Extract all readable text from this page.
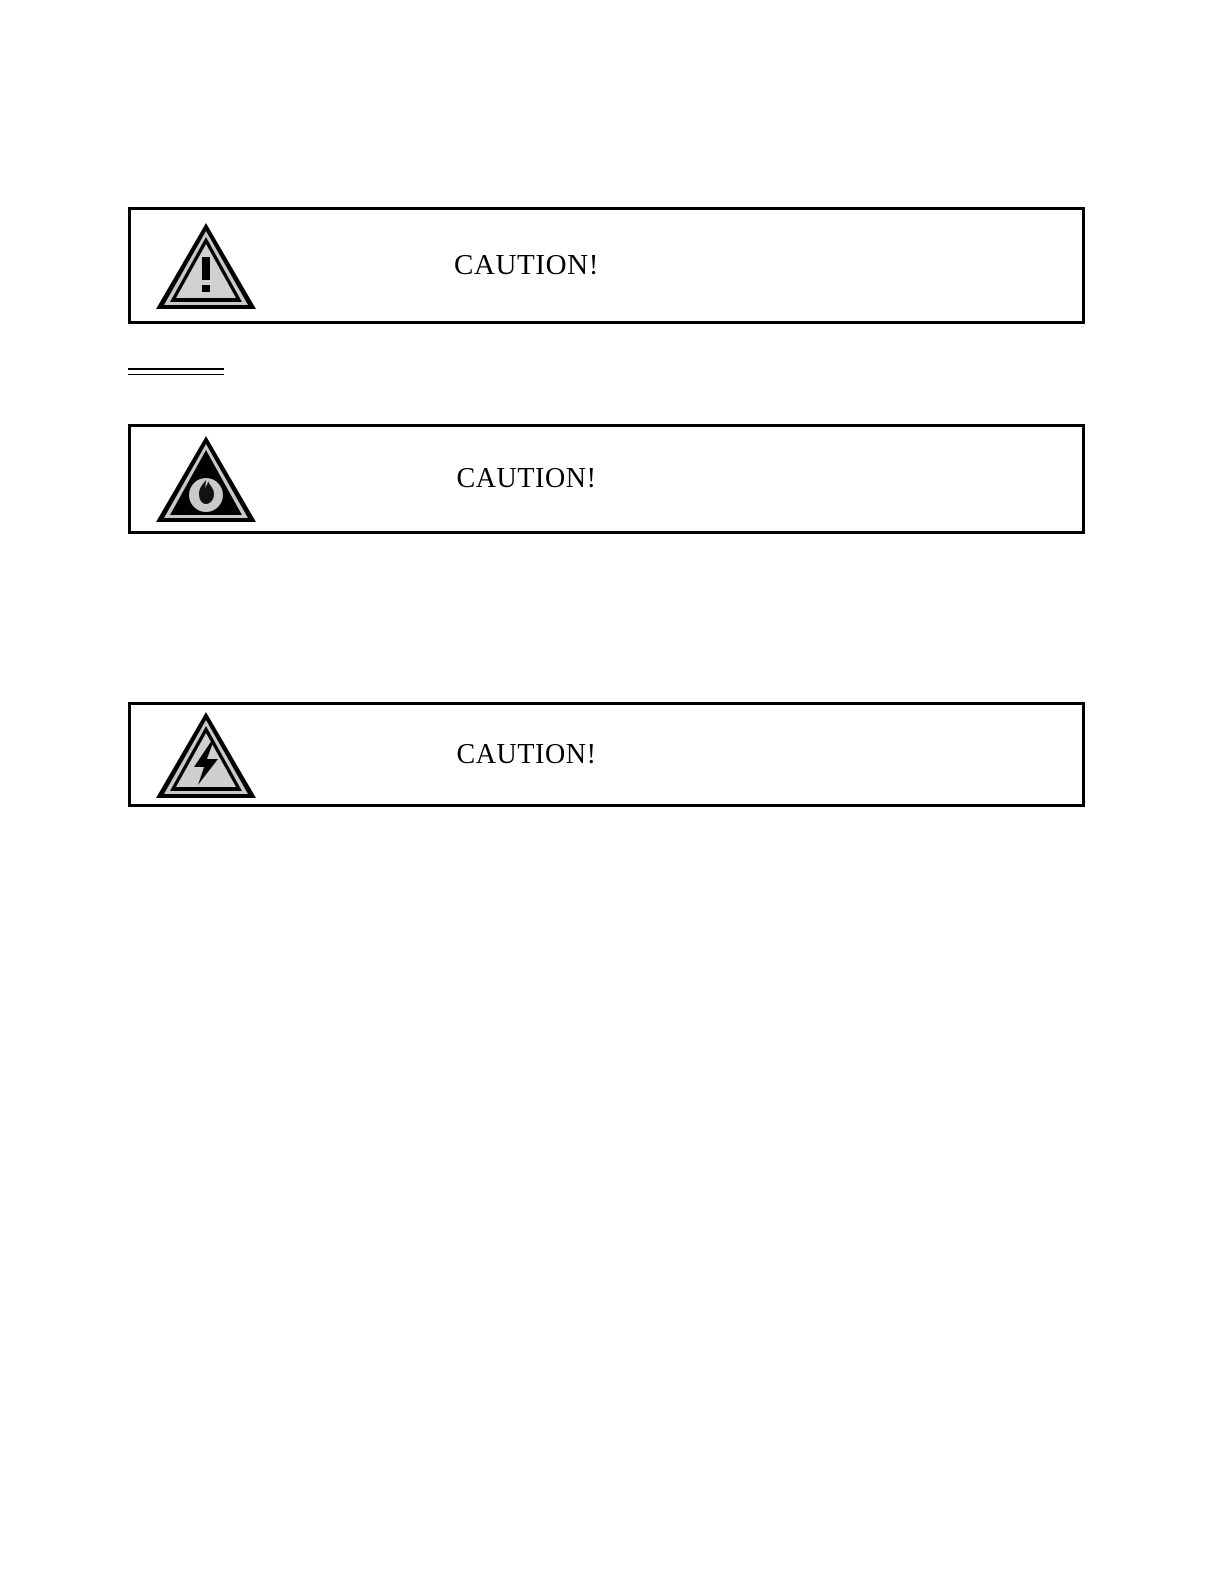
CAUTION!
CAUTION!
CAUTION!
